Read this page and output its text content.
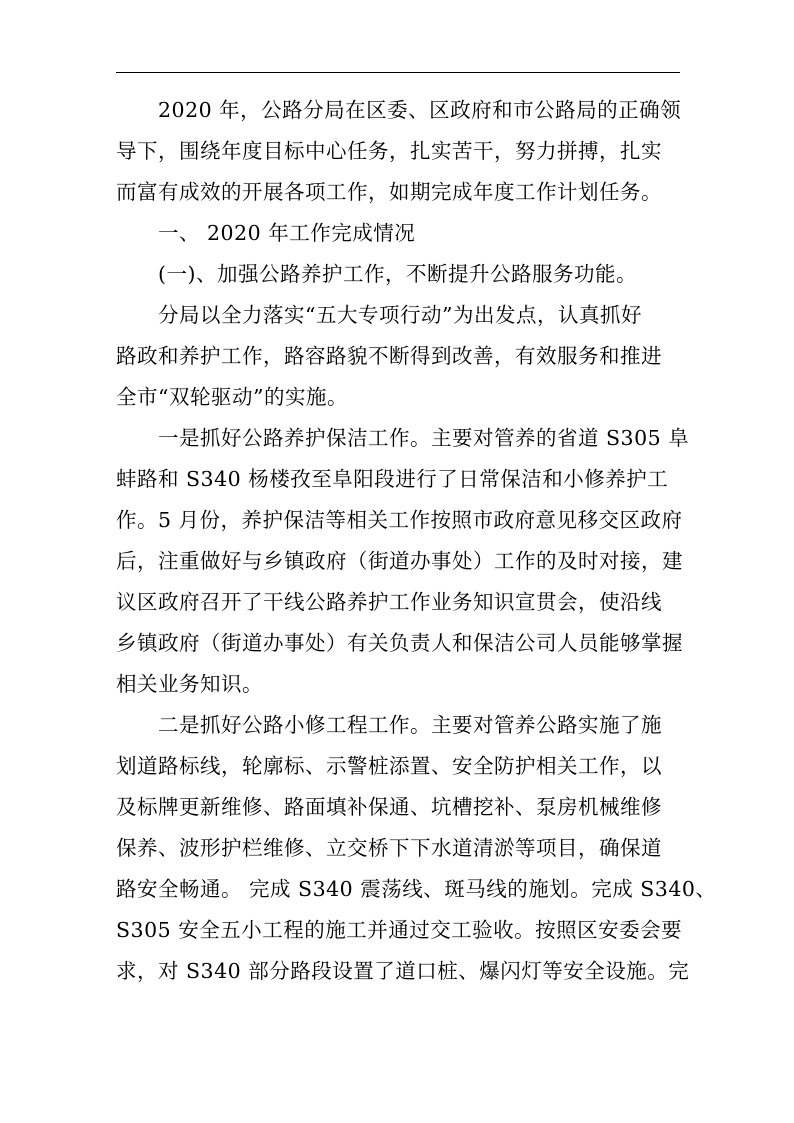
2020 年，公路分局在区委、区政府和市公路局的正确领
导下，围绕年度目标中心任务，扎实苦干，努力拼搏，扎实
而富有成效的开展各项工作，如期完成年度工作计划任务。
一、 2020 年工作完成情况
(一)、加强公路养护工作，不断提升公路服务功能。
分局以全力落实“五大专项行动”为出发点，认真抓好
路政和养护工作，路容路貌不断得到改善，有效服务和推进
全市“双轮驱动”的实施。
一是抓好公路养护保洁工作。主要对管养的省道 S305 阜
蚌路和 S340 杨楼孜至阜阳段进行了日常保洁和小修养护工
作。5 月份，养护保洁等相关工作按照市政府意见移交区政府
后，注重做好与乡镇政府（街道办事处）工作的及时对接，建
议区政府召开了干线公路养护工作业务知识宣贯会，使沿线
乡镇政府（街道办事处）有关负责人和保洁公司人员能够掌握
相关业务知识。
二是抓好公路小修工程工作。主要对管养公路实施了施
划道路标线，轮廓标、示警桩添置、安全防护相关工作，以
及标牌更新维修、路面填补保通、坑槽挖补、泵房机械维修
保养、波形护栏维修、立交桥下下水道清淤等项目，确保道
路安全畅通。 完成 S340 震荡线、斑马线的施划。完成 S340、
S305 安全五小工程的施工并通过交工验收。按照区安委会要
求，对 S340 部分路段设置了道口桩、爆闪灯等安全设施。完
